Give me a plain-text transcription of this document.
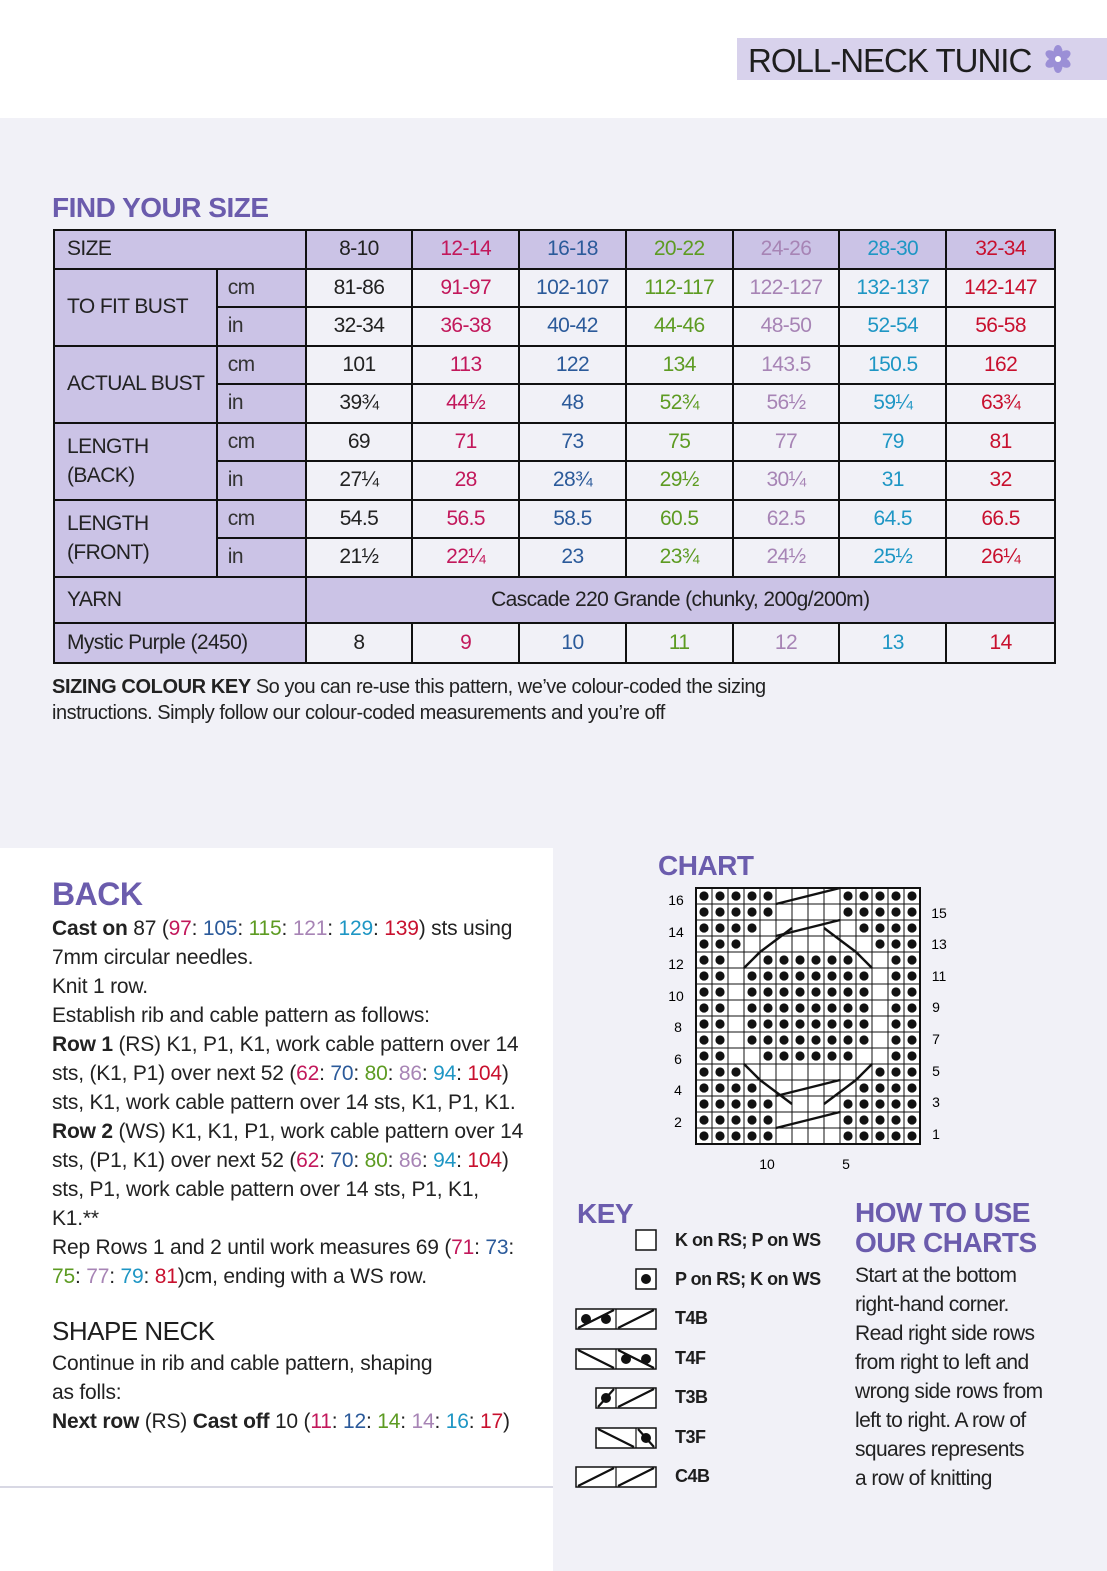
ROLL-NECK TUNIC
FIND YOUR SIZE
SIZE		8-10	12-14	16-18	20-22	24-26	28-30	32-34
TO FIT BUST	cm	81-86	91-97	102-107	112-117	122-127	132-137	142-147
	in	32-34	36-38	40-42	44-46	48-50	52-54	56-58
ACTUAL BUST	cm	101	113	122	134	143.5	150.5	162
	in	39¾	44½	48	52¾	56½	59¼	63¾

LENGTH
(BACK)	cm	69	71	73	75	77	79	81
	in	27¼	28	28¾	29½	30¼	31	32

LENGTH
(FRONT)	cm	54.5	56.5	58.5	60.5	62.5	64.5	66.5
	in	21½	22¼	23	23¾	24½	25½	26¼
YARN		Cascade 220 Grande (chunky, 200g/200m)						
Mystic Purple (2450)		8	9	10	11	12	13	14
SIZING COLOUR KEY So you can re-use this pattern, we’ve colour-coded the sizing
instructions. Simply follow our colour-coded measurements and you’re off
BACK

Cast on 87 (97: 105: 115: 121: 129: 139) sts using

7mm circular needles.

Knit 1 row.

Establish rib and cable pattern as follows:

Row 1 (RS) K1, P1, K1, work cable pattern over 14

sts, (K1, P1) over next 52 (62: 70: 80: 86: 94: 104)

sts, K1, work cable pattern over 14 sts, K1, P1, K1.

Row 2 (WS) K1, K1, P1, work cable pattern over 14

sts, (P1, K1) over next 52 (62: 70: 80: 86: 94: 104)

sts, P1, work cable pattern over 14 sts, P1, K1,

K1.**

Rep Rows 1 and 2 until work measures 69 (71: 73:

75: 77: 79: 81)cm, ending with a WS row.

SHAPE NECK

Continue in rib and cable pattern, shaping

as folls:

Next row (RS) Cast off 10 (11: 12: 14: 14: 16: 17)

CHART
16
14
12
10
8
6
4
2
15
13
11
9
7
5
3
1
10	5
KEY
K on RS; P on WS
P on RS; K on WS
T4B
T4F
T3B
T3F
C4B
HOW TO USE
OUR CHARTS
Start at the bottom
right-hand corner.
Read right side rows
from right to left and
wrong side rows from
left to right. A row of
squares represents
a row of knitting
